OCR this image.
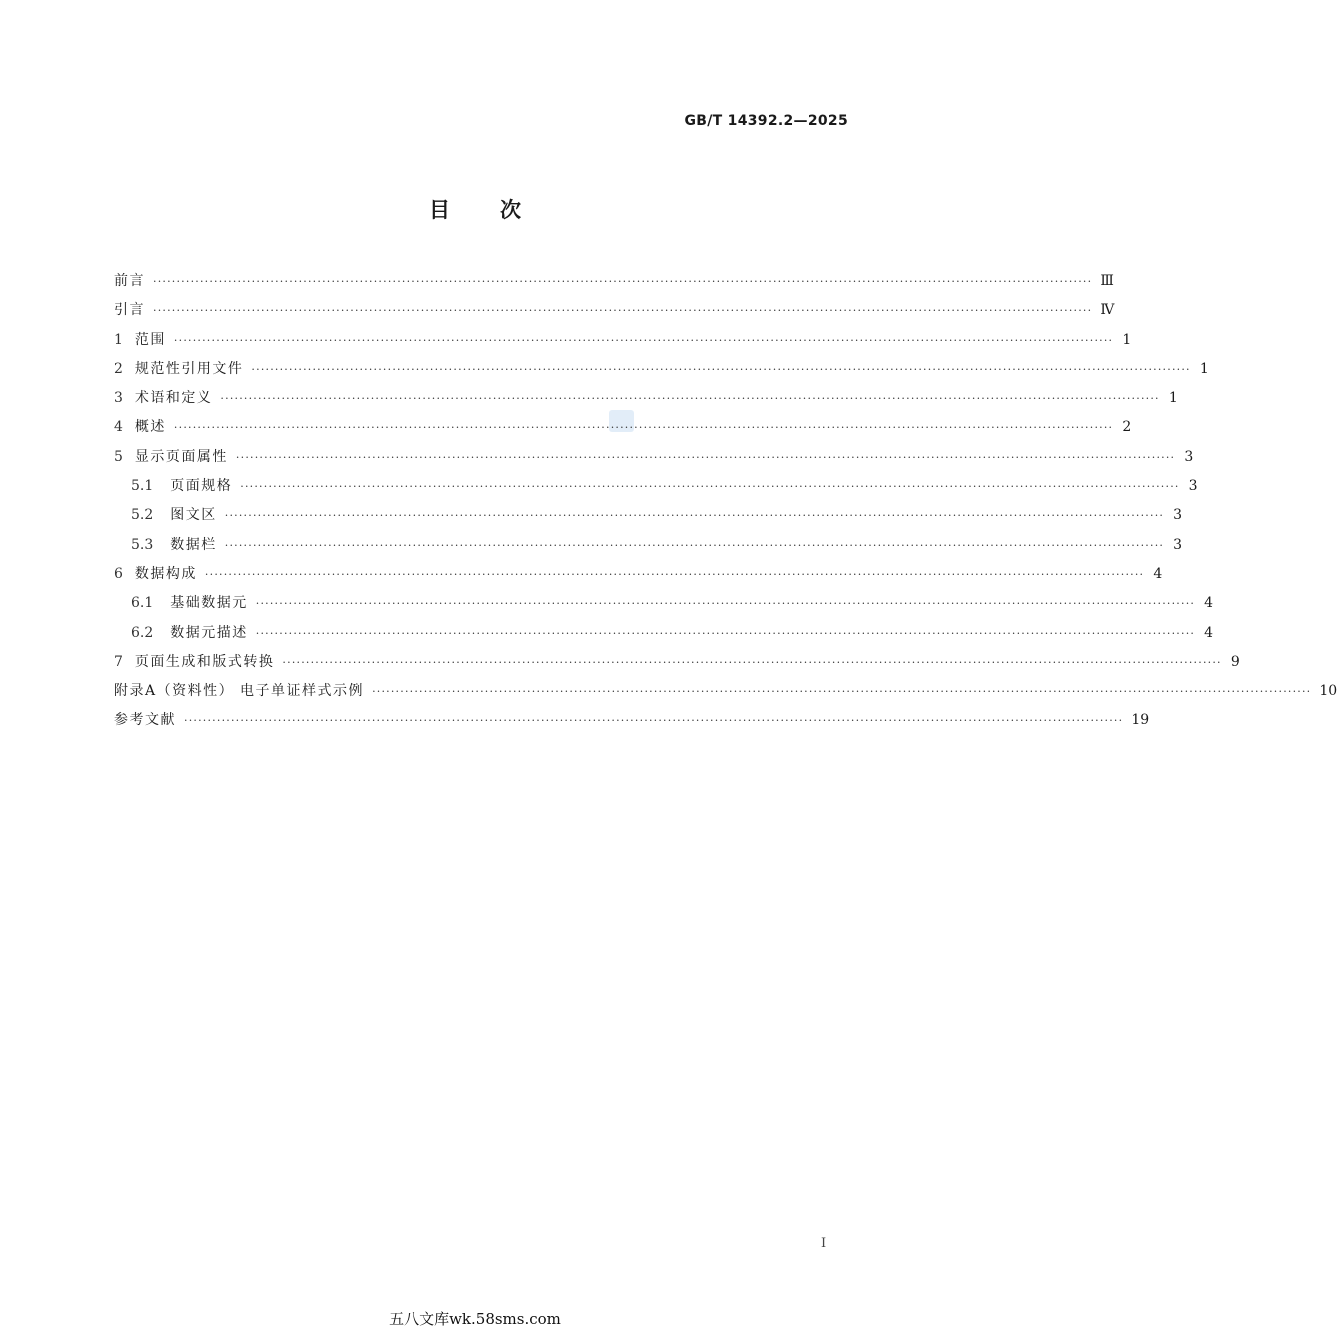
GB/T 14392.2—2025
目次
前言 ········································································································································································································ Ⅲ
引言 ········································································································································································································ Ⅳ
1 范围 ········································································································································································································ 1
2 规范性引用文件 ········································································································································································································ 1
3 术语和定义 ········································································································································································································ 1
4 概述 ········································································································································································································ 2
5 显示页面属性 ········································································································································································································ 3
5.1 页面规格 ········································································································································································································ 3
5.2 图文区 ········································································································································································································ 3
5.3 数据栏 ········································································································································································································ 3
6 数据构成 ········································································································································································································ 4
6.1 基础数据元 ········································································································································································································ 4
6.2 数据元描述 ········································································································································································································ 4
7 页面生成和版式转换 ········································································································································································································ 9
附录A（资料性） 电子单证样式示例 ········································································································································································································ 10
参考文献 ········································································································································································································ 19
I
五八文库wk.58sms.com
